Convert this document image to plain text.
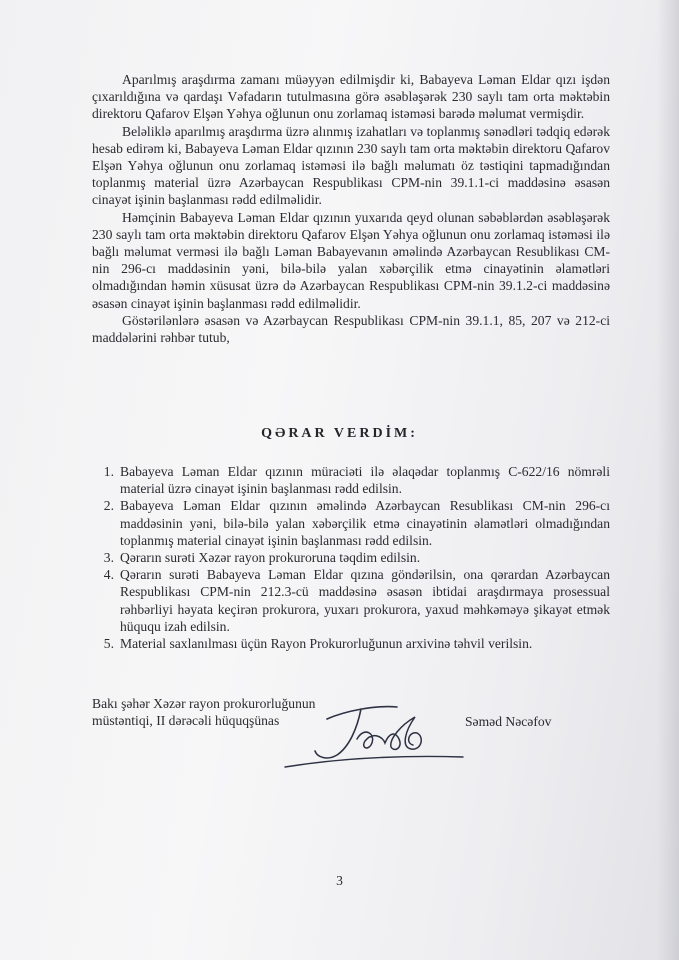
Aparılmış araşdırma zamanı müəyyən edilmişdir ki, Babayeva Ləman Eldar qızı işdən çıxarıldığına və qardaşı Vəfadarın tutulmasına görə əsəbləşərək 230 saylı tam orta məktəbin direktoru Qafarov Elşən Yəhya oğlunun onu zorlamaq istəməsi barədə məlumat vermişdir.

Beləliklə aparılmış araşdırma üzrə alınmış izahatları və toplanmış sənədləri tədqiq edərək hesab edirəm ki, Babayeva Ləman Eldar qızının 230 saylı tam orta məktəbin direktoru Qafarov Elşən Yəhya oğlunun onu zorlamaq istəməsi ilə bağlı məlumatı öz təstiqini tapmadığından toplanmış material üzrə Azərbaycan Respublikası CPM-nin 39.1.1-ci maddəsinə əsasən cinayət işinin başlanması rədd edilməlidir.

Həmçinin Babayeva Ləman Eldar qızının yuxarıda qeyd olunan səbəblərdən əsəbləşərək 230 saylı tam orta məktəbin direktoru Qafarov Elşən Yəhya oğlunun onu zorlamaq istəməsi ilə bağlı məlumat verməsi ilə bağlı Ləman Babayevanın əməlində Azərbaycan Resublikası CM-nin 296-cı maddəsinin yəni, bilə-bilə yalan xəbərçilik etmə cinayətinin əlamətləri olmadığından həmin xüsusat üzrə də Azərbaycan Respublikası CPM-nin 39.1.2-ci maddəsinə əsasən cinayət işinin başlanması rədd edilməlidir.

Göstərilənlərə əsasən və Azərbaycan Respublikası CPM-nin 39.1.1, 85, 207 və 212-ci maddələrini rəhbər tutub,

QƏRAR VERDİM:
1. Babayeva Ləman Eldar qızının müraciəti ilə əlaqədar toplanmış C-622/16 nömrəli material üzrə cinayət işinin başlanması rədd edilsin.
2. Babayeva Ləman Eldar qızının əməlində Azərbaycan Resublikası CM-nin 296-cı maddəsinin yəni, bilə-bilə yalan xəbərçilik etmə cinayətinin əlamətləri olmadığından toplanmış material cinayət işinin başlanması rədd edilsin.
3. Qərarın surəti Xəzər rayon prokuroruna təqdim edilsin.
4. Qərarın surəti Babayeva Ləman Eldar qızına göndərilsin, ona qərardan Azərbaycan Respublikası CPM-nin 212.3-cü maddəsinə əsasən ibtidai araşdırmaya prosessual rəhbərliyi həyata keçirən prokurora, yuxarı prokurora, yaxud məhkəməyə şikayət etmək hüququ izah edilsin.
5. Material saxlanılması üçün Rayon Prokurorluğunun arxivinə təhvil verilsin.
Bakı şəhər Xəzər rayon prokurorluğunun
müstəntiqi, II dərəcəli hüquqşünas	Səməd Nəcəfov
3
